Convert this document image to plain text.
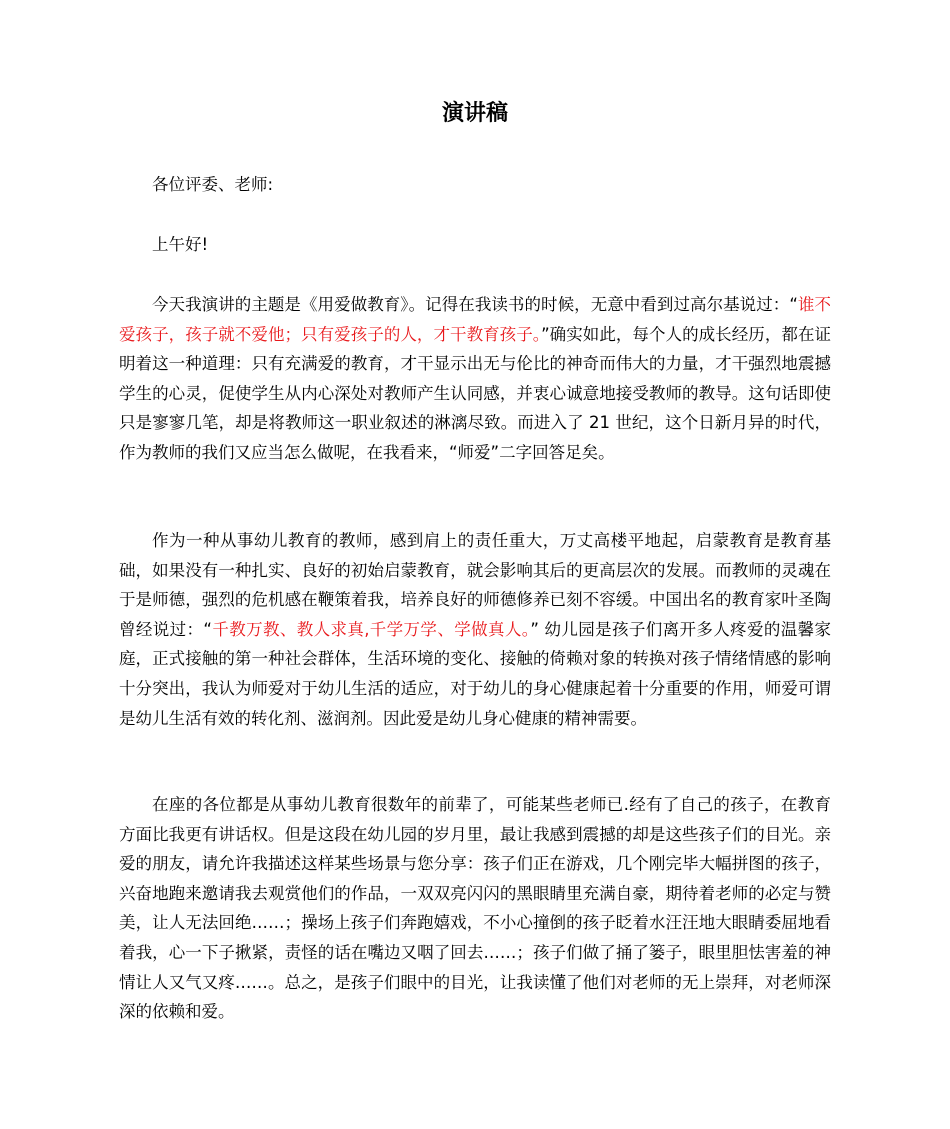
演讲稿

各位评委、老师:

上午好!

今天我演讲的主题是《用爱做教育》。记得在我读书的时候，无意中看到过高尔基说过：“谁不爱孩子，孩子就不爱他；只有爱孩子的人，才干教育孩子。”确实如此，每个人的成长经历，都在证明着这一种道理：只有充满爱的教育，才干显示出无与伦比的神奇而伟大的力量，才干强烈地震撼学生的心灵，促使学生从内心深处对教师产生认同感，并衷心诚意地接受教师的教导。这句话即使只是寥寥几笔，却是将教师这一职业叙述的淋漓尽致。而进入了 21 世纪，这个日新月异的时代，作为教师的我们又应当怎么做呢，在我看来，“师爱”二字回答足矣。

作为一种从事幼儿教育的教师，感到肩上的责任重大，万丈高楼平地起，启蒙教育是教育基础，如果没有一种扎实、良好的初始启蒙教育，就会影响其后的更高层次的发展。而教师的灵魂在于是师德，强烈的危机感在鞭策着我，培养良好的师德修养已刻不容缓。中国出名的教育家叶圣陶曾经说过：“千教万教、教人求真,千学万学、学做真人。” 幼儿园是孩子们离开多人疼爱的温馨家庭，正式接触的第一种社会群体，生活环境的变化、接触的倚赖对象的转换对孩子情绪情感的影响十分突出，我认为师爱对于幼儿生活的适应，对于幼儿的身心健康起着十分重要的作用，师爱可谓是幼儿生活有效的转化剂、滋润剂。因此爱是幼儿身心健康的精神需要。

在座的各位都是从事幼儿教育很数年的前辈了，可能某些老师已.经有了自己的孩子，在教育方面比我更有讲话权。但是这段在幼儿园的岁月里，最让我感到震撼的却是这些孩子们的目光。亲爱的朋友，请允许我描述这样某些场景与您分享：孩子们正在游戏，几个刚完毕大幅拼图的孩子，兴奋地跑来邀请我去观赏他们的作品，一双双亮闪闪的黑眼睛里充满自豪，期待着老师的必定与赞美，让人无法回绝……；操场上孩子们奔跑嬉戏，不小心撞倒的孩子眨着水汪汪地大眼睛委屈地看着我，心一下子揪紧，责怪的话在嘴边又咽了回去……；孩子们做了捅了篓子，眼里胆怯害羞的神情让人又气又疼……。总之，是孩子们眼中的目光，让我读懂了他们对老师的无上崇拜，对老师深深的依赖和爱。
